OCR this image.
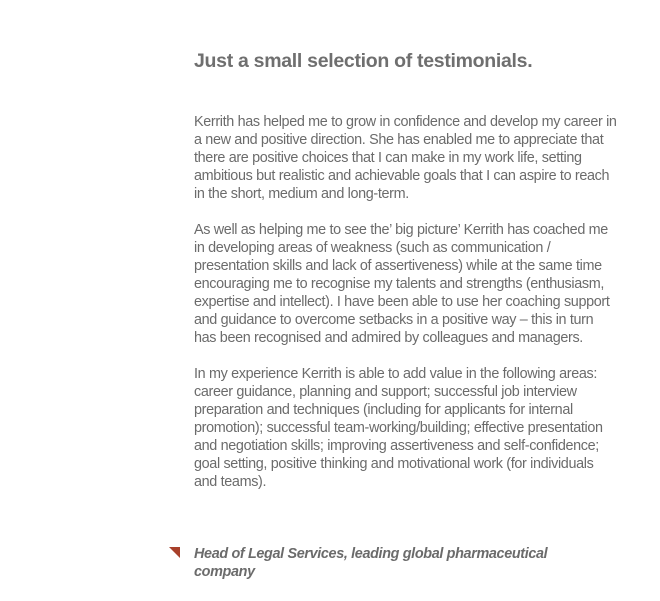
Just a small selection of testimonials.

Kerrith has helped me to grow in confidence and develop my career in a new and positive direction. She has enabled me to appreciate that there are positive choices that I can make in my work life, setting ambitious but realistic and achievable goals that I can aspire to reach in the short, medium and long-term.

As well as helping me to see the’ big picture’ Kerrith has coached me in developing areas of weakness (such as communication / presentation skills and lack of assertiveness) while at the same time encouraging me to recognise my talents and strengths (enthusiasm, expertise and intellect). I have been able to use her coaching support and guidance to overcome setbacks in a positive way – this in turn has been recognised and admired by colleagues and managers.

In my experience Kerrith is able to add value in the following areas: career guidance, planning and support; successful job interview preparation and techniques (including for applicants for internal promotion); successful team-working/building; effective presentation and negotiation skills; improving assertiveness and self-confidence; goal setting, positive thinking and motivational work (for individuals and teams).

Head of Legal Services, leading global pharmaceutical company
